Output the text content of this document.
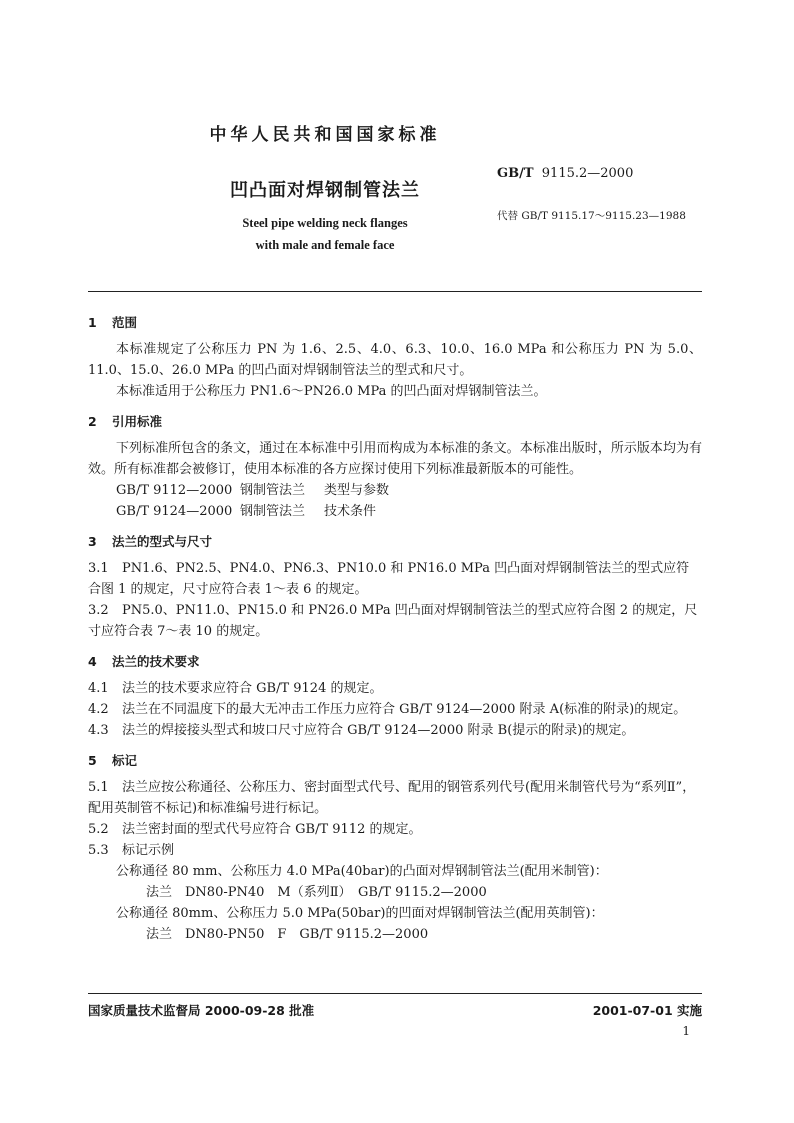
中华人民共和国国家标准
GB/T 9115.2—2000
凹凸面对焊钢制管法兰
代替 GB/T 9115.17～9115.23—1988
Steel pipe welding neck flanges
with male and female face

1 范围

本标准规定了公称压力 PN 为 1.6、2.5、4.0、6.3、10.0、16.0 MPa 和公称压力 PN 为 5.0、11.0、15.0、26.0 MPa 的凹凸面对焊钢制管法兰的型式和尺寸。

本标准适用于公称压力 PN1.6～PN26.0 MPa 的凹凸面对焊钢制管法兰。

2 引用标准

下列标准所包含的条文，通过在本标准中引用而构成为本标准的条文。本标准出版时，所示版本均为有效。所有标准都会被修订，使用本标准的各方应探讨使用下列标准最新版本的可能性。

GB/T 9112—2000 钢制管法兰 类型与参数

GB/T 9124—2000 钢制管法兰 技术条件

3 法兰的型式与尺寸

3.1 PN1.6、PN2.5、PN4.0、PN6.3、PN10.0 和 PN16.0 MPa 凹凸面对焊钢制管法兰的型式应符合图 1 的规定，尺寸应符合表 1～表 6 的规定。

3.2 PN5.0、PN11.0、PN15.0 和 PN26.0 MPa 凹凸面对焊钢制管法兰的型式应符合图 2 的规定，尺寸应符合表 7～表 10 的规定。

4 法兰的技术要求

4.1 法兰的技术要求应符合 GB/T 9124 的规定。

4.2 法兰在不同温度下的最大无冲击工作压力应符合 GB/T 9124—2000 附录 A(标准的附录)的规定。

4.3 法兰的焊接接头型式和坡口尺寸应符合 GB/T 9124—2000 附录 B(提示的附录)的规定。

5 标记

5.1 法兰应按公称通径、公称压力、密封面型式代号、配用的钢管系列代号(配用米制管代号为“系列Ⅱ”，配用英制管不标记)和标准编号进行标记。

5.2 法兰密封面的型式代号应符合 GB/T 9112 的规定。

5.3 标记示例

公称通径 80 mm、公称压力 4.0 MPa(40bar)的凸面对焊钢制管法兰(配用米制管)：

法兰　DN80-PN40　M（系列Ⅱ）　GB/T 9115.2—2000

公称通径 80mm、公称压力 5.0 MPa(50bar)的凹面对焊钢制管法兰(配用英制管)：

法兰　DN80-PN50　F　GB/T 9115.2—2000

国家质量技术监督局 2000-09-28 批准	2001-07-01 实施
1
